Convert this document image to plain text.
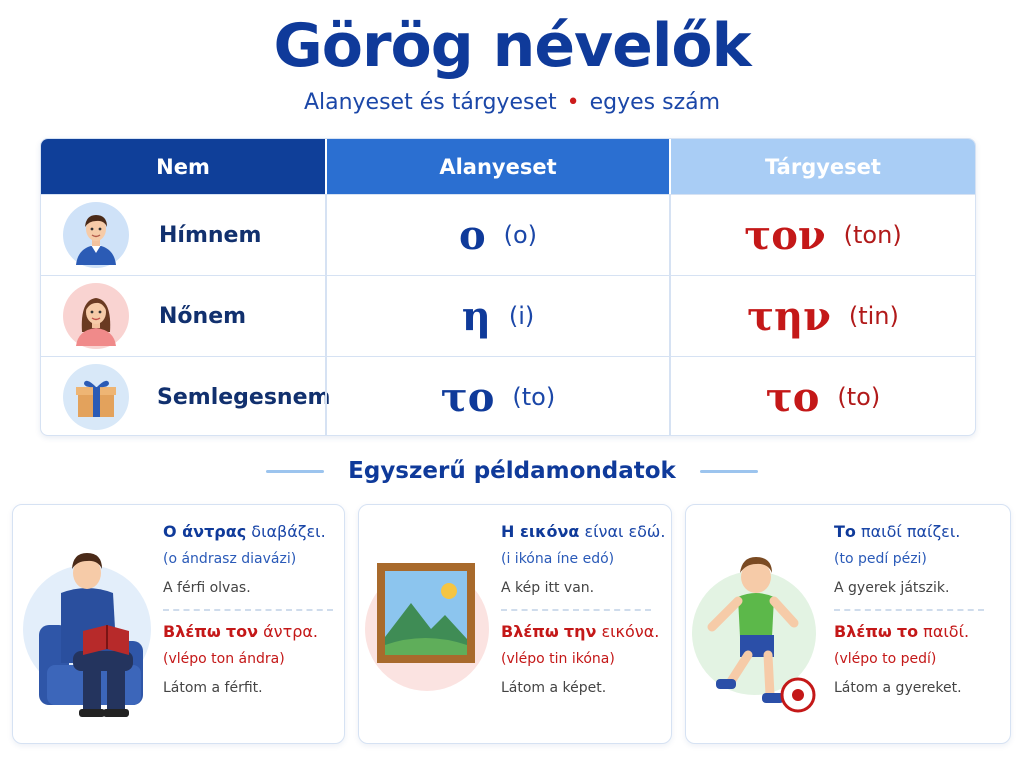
Görög névelők
Alanyeset és tárgyeset • egyes szám
Nem	Alanyeset	Tárgyeset
Hímnem	ο (o)	τον (ton)
Nőnem	η (i)	την (tin)
Semlegesnem	το (to)	το (to)
Egyszerű példamondatok
Ο άντρας διαβάζει.
(o ándrasz diavázi)
A férfi olvas.
Βλέπω τον άντρα.
(vlépo ton ándra)
Látom a férfit.
Η εικόνα είναι εδώ.
(i ikóna íne edó)
A kép itt van.
Βλέπω την εικόνα.
(vlépo tin ikóna)
Látom a képet.
Το παιδί παίζει.
(to pedí pézi)
A gyerek játszik.
Βλέπω το παιδί.
(vlépo to pedí)
Látom a gyereket.
